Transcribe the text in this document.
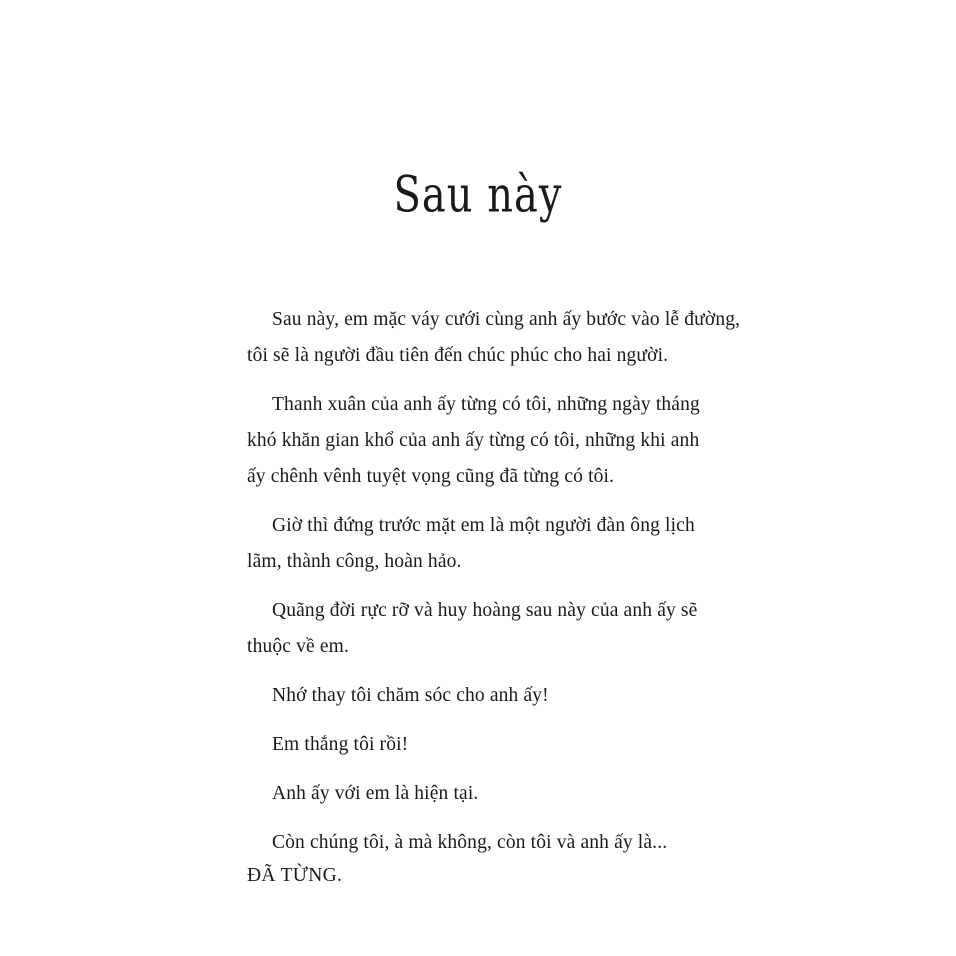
Sau này

Sau này, em mặc váy cưới cùng anh ấy bước vào lễ đường,
tôi sẽ là người đầu tiên đến chúc phúc cho hai người.

Thanh xuân của anh ấy từng có tôi, những ngày tháng
khó khăn gian khổ của anh ấy từng có tôi, những khi anh
ấy chênh vênh tuyệt vọng cũng đã từng có tôi.

Giờ thì đứng trước mặt em là một người đàn ông lịch
lãm, thành công, hoàn hảo.

Quãng đời rực rỡ và huy hoàng sau này của anh ấy sẽ
thuộc về em.

Nhớ thay tôi chăm sóc cho anh ấy!

Em thắng tôi rồi!

Anh ấy với em là hiện tại.

Còn chúng tôi, à mà không, còn tôi và anh ấy là...

ĐÃ TỪNG.
